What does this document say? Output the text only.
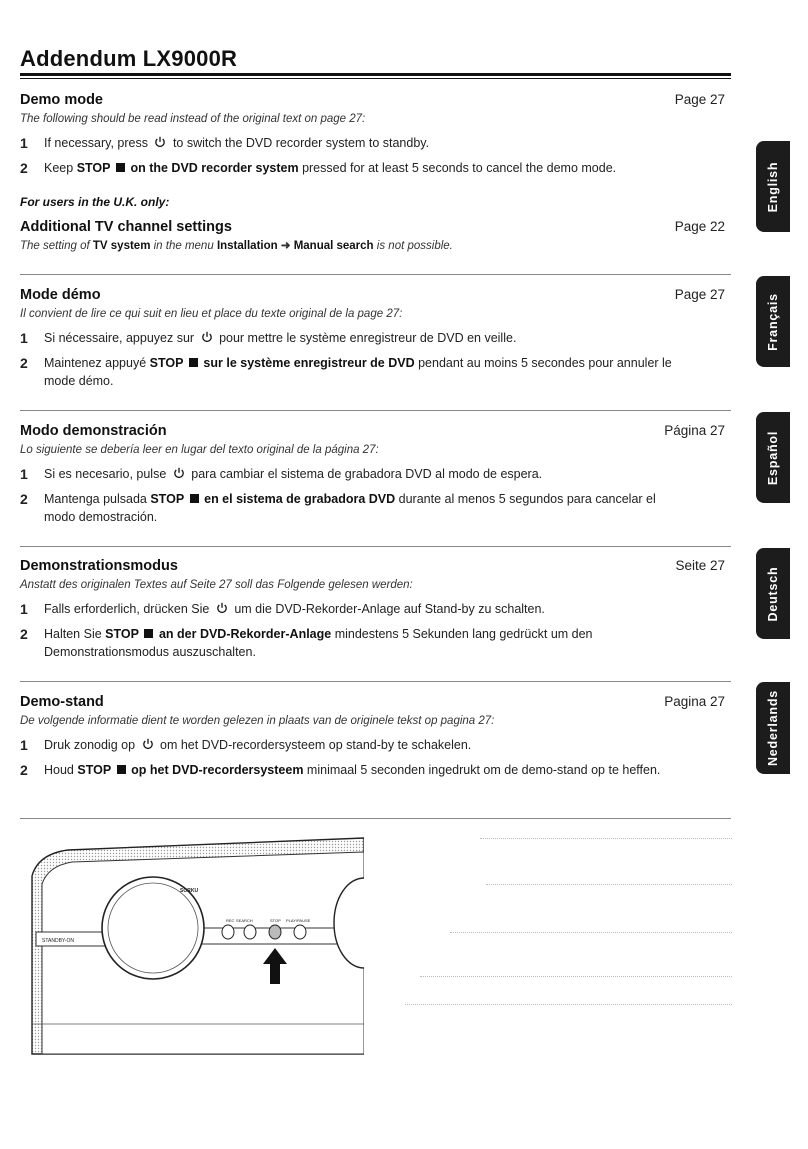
Addendum LX9000R
Demo mode	Page 27
The following should be read instead of the original text on page 27:
1 If necessary, press to switch the DVD recorder system to standby.
2 Keep STOP on the DVD recorder system pressed for at least 5 seconds to cancel the demo mode.
For users in the U.K. only:
Additional TV channel settings	Page 22
The setting of TV system in the menu Installation ➜ Manual search is not possible.
Mode démo	Page 27
Il convient de lire ce qui suit en lieu et place du texte original de la page 27:
1 Si nécessaire, appuyez sur pour mettre le système enregistreur de DVD en veille.
2 Maintenez appuyé STOP sur le système enregistreur de DVD pendant au moins 5 secondes pour annuler le mode démo.
Modo demonstración	Página 27
Lo siguiente se debería leer en lugar del texto original de la página 27:
1 Si es necesario, pulse para cambiar el sistema de grabadora DVD al modo de espera.
2 Mantenga pulsada STOP en el sistema de grabadora DVD durante al menos 5 segundos para cancelar el modo demostración.
Demonstrationsmodus	Seite 27
Anstatt des originalen Textes auf Seite 27 soll das Folgende gelesen werden:
1 Falls erforderlich, drücken Sie um die DVD-Rekorder-Anlage auf Stand-by zu schalten.
2 Halten Sie STOP an der DVD-Rekorder-Anlage mindestens 5 Sekunden lang gedrückt um den Demonstrationsmodus auszuschalten.
Demo-stand	Pagina 27
De volgende informatie dient te worden gelezen in plaats van de originele tekst op pagina 27:
1 Druk zonodig op om het DVD-recordersysteem op stand-by te schakelen.
2 Houd STOP op het DVD-recordersysteem minimaal 5 seconden ingedrukt om de demo-stand op te heffen.
English
Français
Español
Deutsch
Nederlands
STANDBY-ON
SORKU
REC SEARCH	STOP PLAY/PAUSE
